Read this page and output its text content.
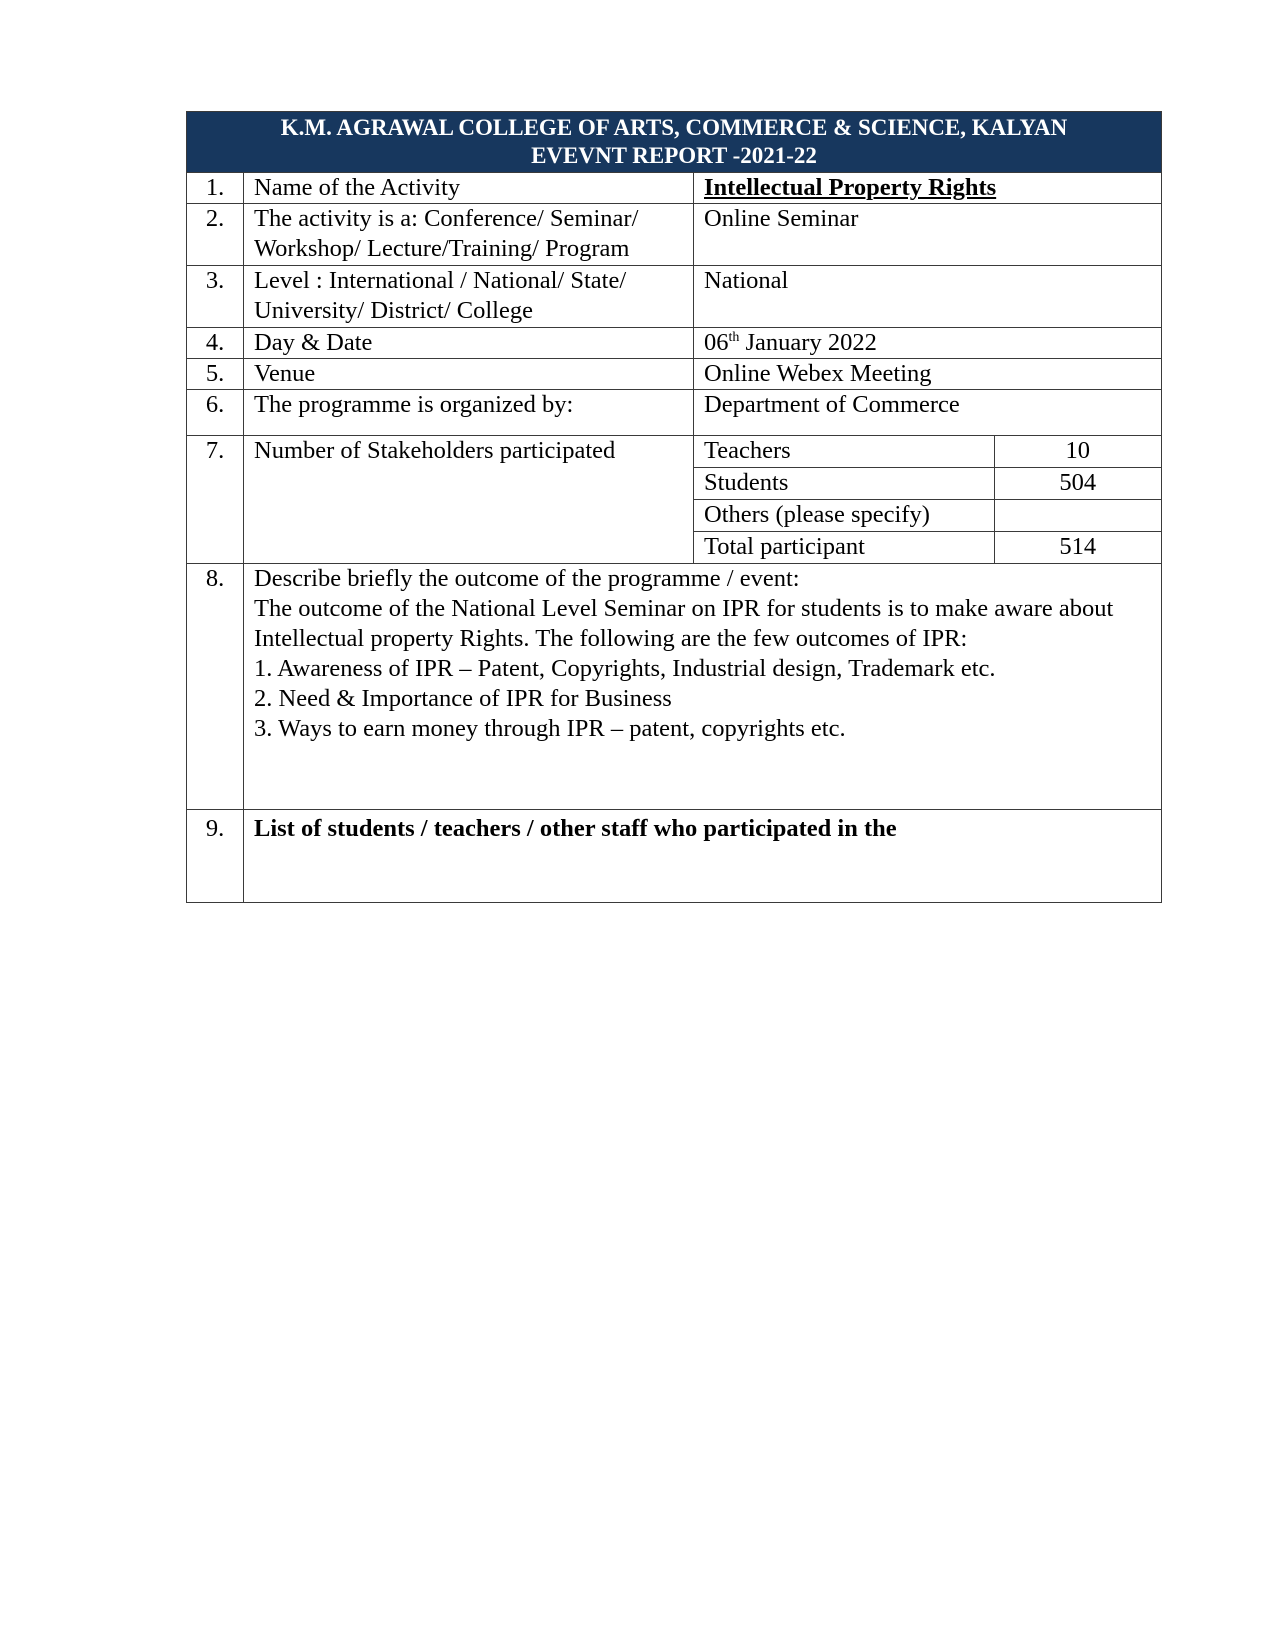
K.M. AGRAWAL COLLEGE OF ARTS, COMMERCE & SCIENCE, KALYAN
EVEVNT REPORT -2021-22

1.	Name of the Activity	Intellectual Property Rights
2.	The activity is a: Conference/ Seminar/ Workshop/ Lecture/Training/ Program	Online Seminar
3.	Level : International / National/ State/ University/ District/ College	National
4.	Day & Date	06th January 2022
5.	Venue	Online Webex Meeting
6.	The programme is organized by:	Department of Commerce
7.	Number of Stakeholders participated		Teachers	10
Students	504
Others (please specify)	
Total participant	514

8.	Describe briefly the outcome of the programme / event:
The outcome of the National Level Seminar on IPR for students is to make aware about Intellectual property Rights. The following are the few outcomes of IPR:
1. Awareness of IPR – Patent, Copyrights, Industrial design, Trademark etc.
2. Need & Importance of IPR for Business
3. Ways to earn money through IPR – patent, copyrights etc.

9.	List of students / teachers / other staff who participated in the
